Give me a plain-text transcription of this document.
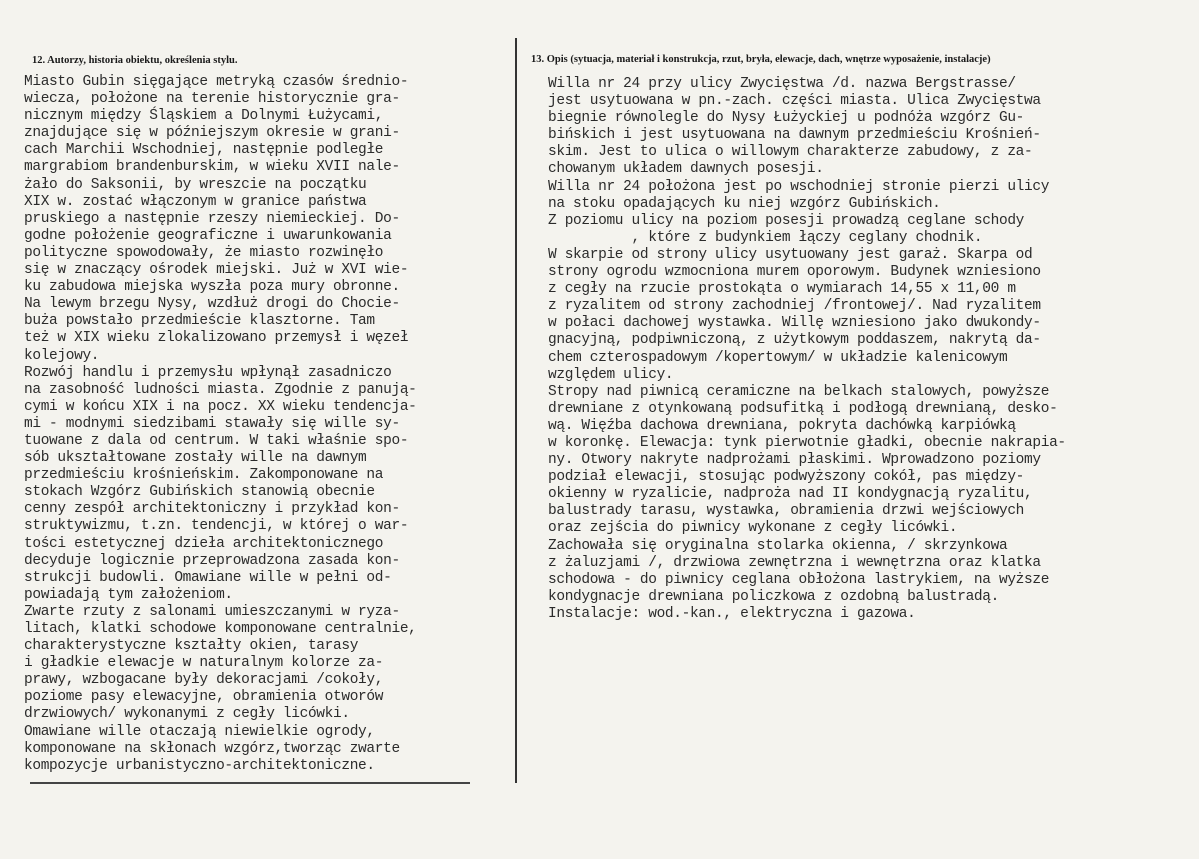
12. Autorzy, historia obiektu, określenia stylu.	13. Opis (sytuacja, materiał i konstrukcja, rzut, bryła, elewacje, dach, wnętrze wyposażenie, instalacje)
Miasto Gubin sięgające metryką czasów średnio-
wiecza, położone na terenie historycznie gra-
nicznym między Śląskiem a Dolnymi Łużycami,
znajdujące się w późniejszym okresie w grani-
cach Marchii Wschodniej, następnie podległe
margrabiom brandenburskim, w wieku XVII nale-
żało do Saksonii, by wreszcie na początku
XIX w. zostać włączonym w granice państwa
pruskiego a następnie rzeszy niemieckiej. Do-
godne położenie geograficzne i uwarunkowania
polityczne spowodowały, że miasto rozwinęło
się w znaczący ośrodek miejski. Już w XVI wie-
ku zabudowa miejska wyszła poza mury obronne.
Na lewym brzegu Nysy, wzdłuż drogi do Chocie-
buża powstało przedmieście klasztorne. Tam
też w XIX wieku zlokalizowano przemysł i węzeł
kolejowy.
Rozwój handlu i przemysłu wpłynął zasadniczo
na zasobność ludności miasta. Zgodnie z panują-
cymi w końcu XIX i na pocz. XX wieku tendencja-
mi - modnymi siedzibami stawały się wille sy-
tuowane z dala od centrum. W taki właśnie spo-
sób ukształtowane zostały wille na dawnym
przedmieściu krośnieńskim. Zakomponowane na
stokach Wzgórz Gubińskich stanowią obecnie
cenny zespół architektoniczny i przykład kon-
struktywizmu, t.zn. tendencji, w której o war-
tości estetycznej dzieła architektonicznego
decyduje logicznie przeprowadzona zasada kon-
strukcji budowli. Omawiane wille w pełni od-
powiadają tym założeniom.
Zwarte rzuty z salonami umieszczanymi w ryza-
litach, klatki schodowe komponowane centralnie,
charakterystyczne kształty okien, tarasy
i gładkie elewacje w naturalnym kolorze za-
prawy, wzbogacane były dekoracjami /cokoły,
poziome pasy elewacyjne, obramienia otworów
drzwiowych/ wykonanymi z cegły licówki.
Omawiane wille otaczają niewielkie ogrody,
komponowane na skłonach wzgórz,tworząc zwarte
kompozycje urbanistyczno-architektoniczne.
Willa nr 24 przy ulicy Zwycięstwa /d. nazwa Bergstrasse/
jest usytuowana w pn.-zach. części miasta. Ulica Zwycięstwa
biegnie równolegle do Nysy Łużyckiej u podnóża wzgórz Gu-
bińskich i jest usytuowana na dawnym przedmieściu Krośnień-
skim. Jest to ulica o willowym charakterze zabudowy, z za-
chowanym układem dawnych posesji.
Willa nr 24 położona jest po wschodniej stronie pierzi ulicy
na stoku opadających ku niej wzgórz Gubińskich.
Z poziomu ulicy na poziom posesji prowadzą ceglane schody
, które z budynkiem łączy ceglany chodnik.
W skarpie od strony ulicy usytuowany jest garaż. Skarpa od
strony ogrodu wzmocniona murem oporowym. Budynek wzniesiono
z cegły na rzucie prostokąta o wymiarach 14,55 x 11,00 m
z ryzalitem od strony zachodniej /frontowej/. Nad ryzalitem
w połaci dachowej wystawka. Willę wzniesiono jako dwukondy-
gnacyjną, podpiwniczoną, z użytkowym poddaszem, nakrytą da-
chem czterospadowym /kopertowym/ w układzie kalenicowym
względem ulicy.
Stropy nad piwnicą ceramiczne na belkach stalowych, powyższe
drewniane z otynkowaną podsufitką i podłogą drewnianą, desko-
wą. Więźba dachowa drewniana, pokryta dachówką karpiówką
w koronkę. Elewacja: tynk pierwotnie gładki, obecnie nakrapia-
ny. Otwory nakryte nadprożami płaskimi. Wprowadzono poziomy
podział elewacji, stosując podwyższony cokół, pas między-
okienny w ryzalicie, nadproża nad II kondygnacją ryzalitu,
balustrady tarasu, wystawka, obramienia drzwi wejściowych
oraz zejścia do piwnicy wykonane z cegły licówki.
Zachowała się oryginalna stolarka okienna, / skrzynkowa
z żaluzjami /, drzwiowa zewnętrzna i wewnętrzna oraz klatka
schodowa - do piwnicy ceglana obłożona lastrykiem, na wyższe
kondygnacje drewniana policzkowa z ozdobną balustradą.
Instalacje: wod.-kan., elektryczna i gazowa.
